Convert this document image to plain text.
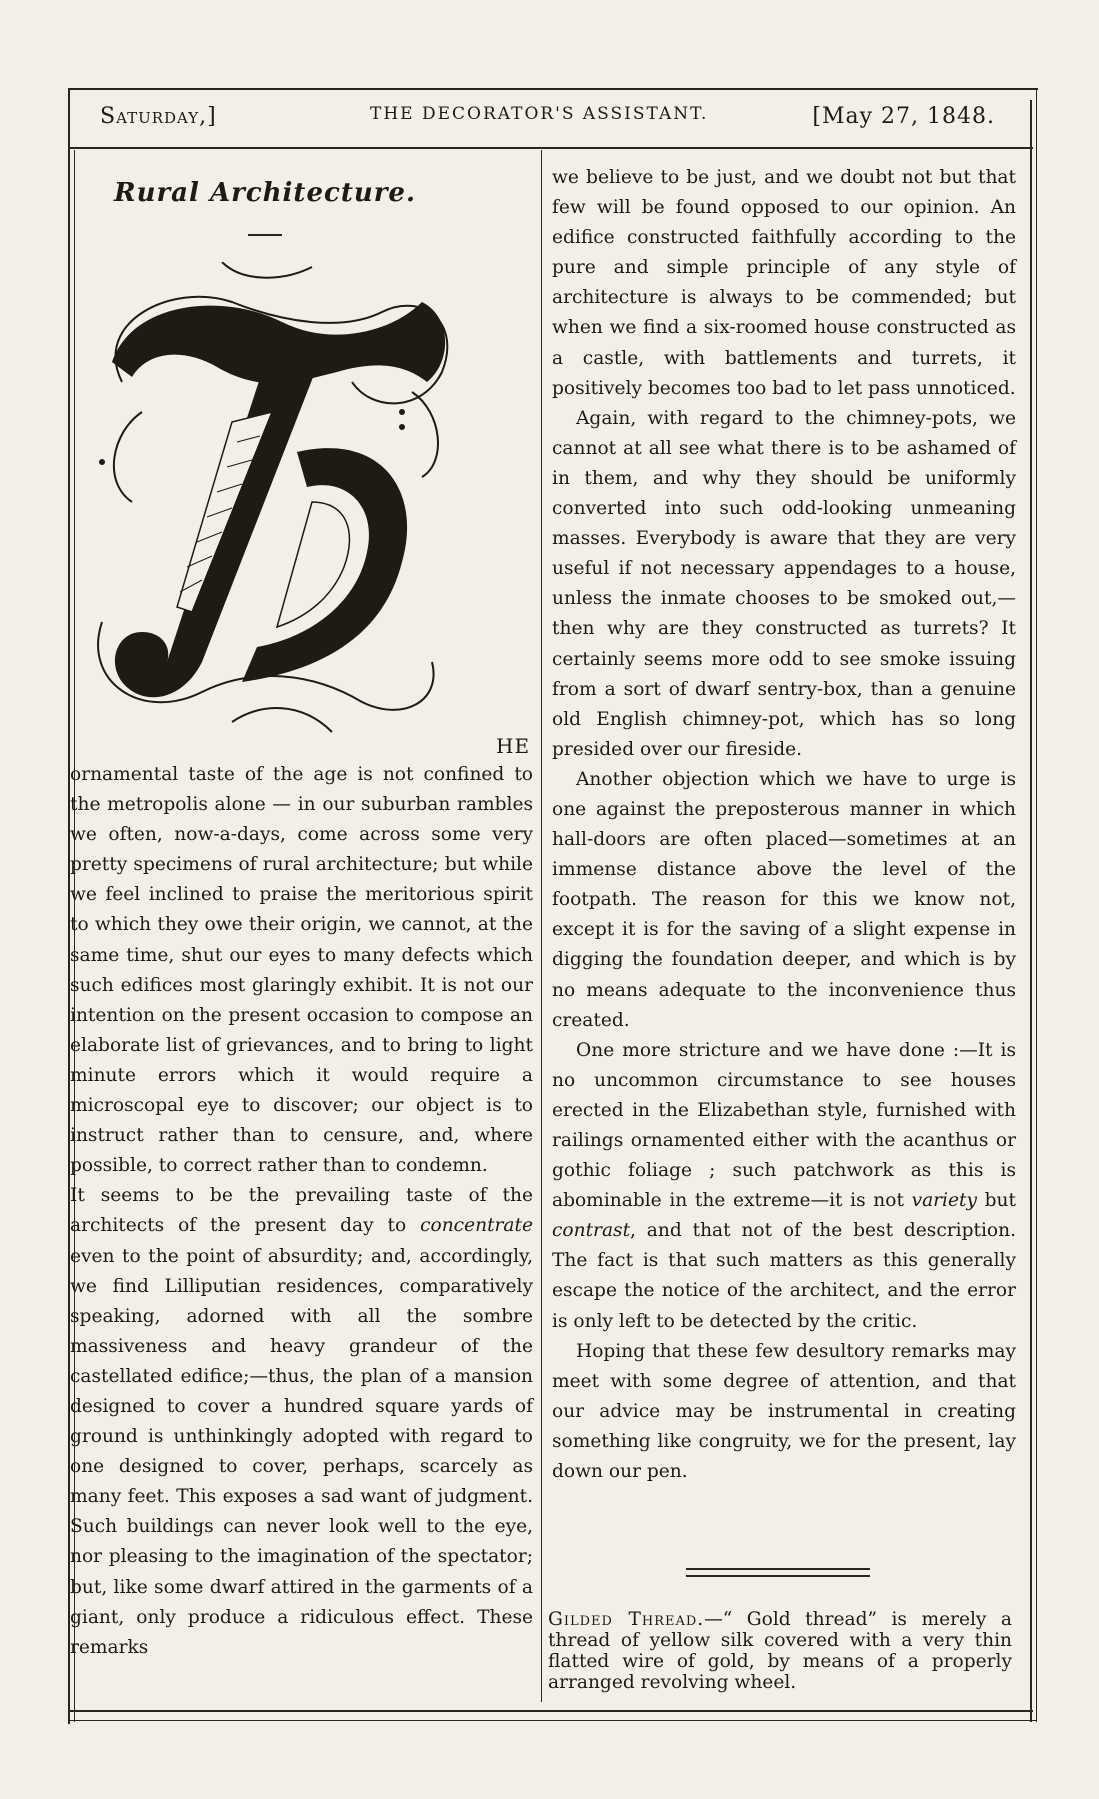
Saturday,]	THE DECORATOR'S ASSISTANT.	[May 27, 1848.
Rural Architecture.
HE

ornamental taste of the age is not confined to the metropolis alone — in our suburban rambles we often, now-a-days, come across some very pretty specimens of rural architecture; but while we feel inclined to praise the meritorious spirit to which they owe their origin, we cannot, at the same time, shut our eyes to many defects which such edifices most glaringly exhibit. It is not our intention on the present occasion to compose an elaborate list of grievances, and to bring to light minute errors which it would require a microscopal eye to discover; our object is to instruct rather than to censure, and, where possible, to correct rather than to condemn.

It seems to be the prevailing taste of the architects of the present day to concentrate even to the point of absurdity; and, accordingly, we find Lilliputian residences, comparatively speaking, adorned with all the sombre massiveness and heavy grandeur of the castellated edifice;—thus, the plan of a mansion designed to cover a hundred square yards of ground is unthinkingly adopted with regard to one designed to cover, perhaps, scarcely as many feet. This exposes a sad want of judgment. Such buildings can never look well to the eye, nor pleasing to the imagination of the spectator; but, like some dwarf attired in the garments of a giant, only produce a ridiculous effect. These remarks

we believe to be just, and we doubt not but that few will be found opposed to our opinion. An edifice constructed faithfully according to the pure and simple principle of any style of architecture is always to be commended; but when we find a six-roomed house constructed as a castle, with battlements and turrets, it positively becomes too bad to let pass unnoticed.

Again, with regard to the chimney-pots, we cannot at all see what there is to be ashamed of in them, and why they should be uniformly converted into such odd-looking unmeaning masses. Everybody is aware that they are very useful if not necessary appendages to a house, unless the inmate chooses to be smoked out,—then why are they constructed as turrets? It certainly seems more odd to see smoke issuing from a sort of dwarf sentry-box, than a genuine old English chimney-pot, which has so long presided over our fireside.

Another objection which we have to urge is one against the preposterous manner in which hall-doors are often placed—sometimes at an immense distance above the level of the footpath. The reason for this we know not, except it is for the saving of a slight expense in digging the foundation deeper, and which is by no means adequate to the inconvenience thus created.

One more stricture and we have done :—It is no uncommon circumstance to see houses erected in the Elizabethan style, furnished with railings ornamented either with the acanthus or gothic foliage ; such patchwork as this is abominable in the extreme—it is not variety but contrast, and that not of the best description. The fact is that such matters as this generally escape the notice of the architect, and the error is only left to be detected by the critic.

Hoping that these few desultory remarks may meet with some degree of attention, and that our advice may be instrumental in creating something like congruity, we for the present, lay down our pen.

Gilded Thread.—“ Gold thread” is merely a thread of yellow silk covered with a very thin flatted wire of gold, by means of a properly arranged revolving wheel.
